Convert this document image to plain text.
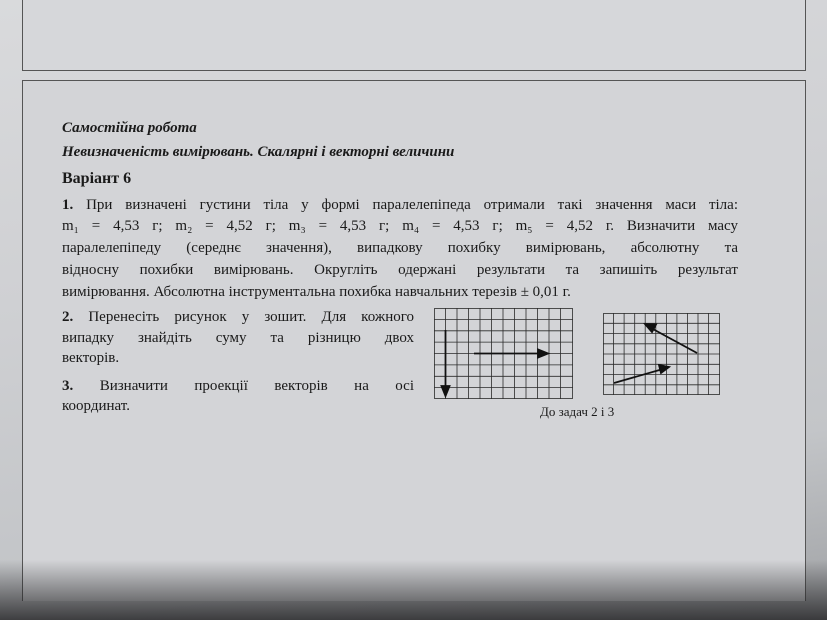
Самостійна робота
Невизначеність вимірювань. Скалярні і векторні величини
Варіант 6
1. При визначені густини тіла у формі паралелепіпеда отримали такі значення маси тіла:
m₁ = 4,53 г; m₂ = 4,52 г; m₃ = 4,53 г; m₄ = 4,53 г; m₅ = 4,52 г. Визначити масу
паралелепіпеду (середнє значення), випадкову похибку вимірювань, абсолютну та
відносну похибки вимірювань. Округліть одержані результати та запишіть результат
вимірювання. Абсолютна інструментальна похибка навчальних терезів ± 0,01 г.
2. Перенесіть рисунок у зошит. Для кожного
випадку знайдіть суму та різницю двох
векторів.
3. Визначити проекції векторів на осі
координат.	До задач 2 і 3
